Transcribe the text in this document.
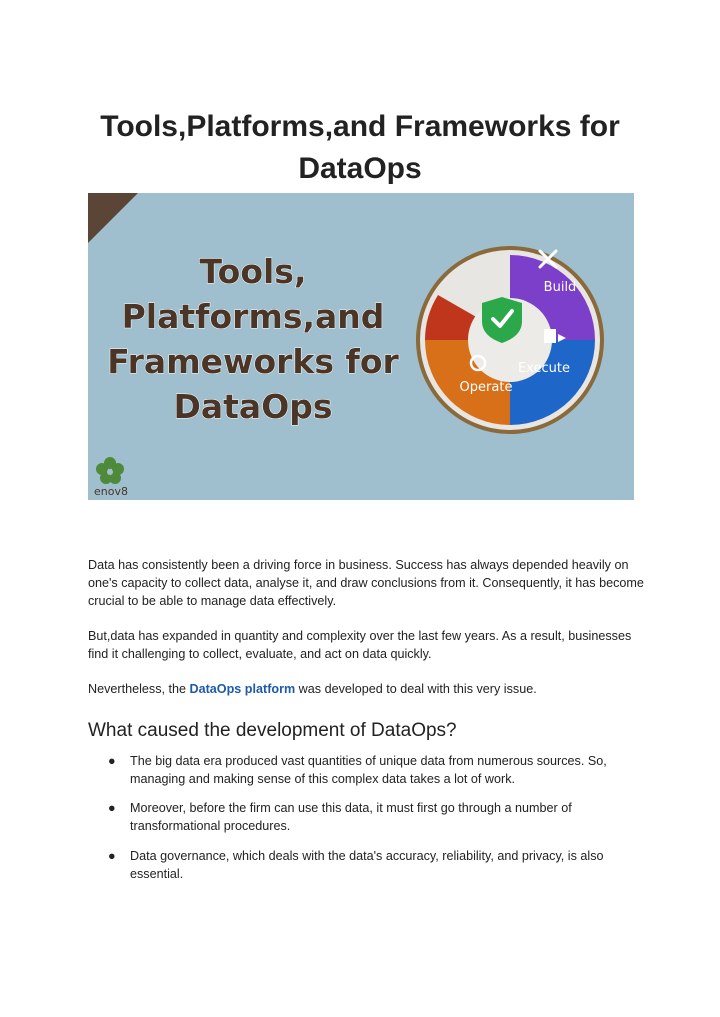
Tools,Platforms,and Frameworks for DataOps
Tools,
Platforms,and
Frameworks for
DataOps
Build
Execute
Operate
enov8

Data has consistently been a driving force in business. Success has always depended heavily on one's capacity to collect data, analyse it, and draw conclusions from it. Consequently, it has become crucial to be able to manage data effectively.

But,data has expanded in quantity and complexity over the last few years. As a result, businesses find it challenging to collect, evaluate, and act on data quickly.

Nevertheless, the DataOps platform was developed to deal with this very issue.

What caused the development of DataOps?
● The big data era produced vast quantities of unique data from numerous sources. So, managing and making sense of this complex data takes a lot of work.
● Moreover, before the firm can use this data, it must first go through a number of transformational procedures.
● Data governance, which deals with the data's accuracy, reliability, and privacy, is also essential.
